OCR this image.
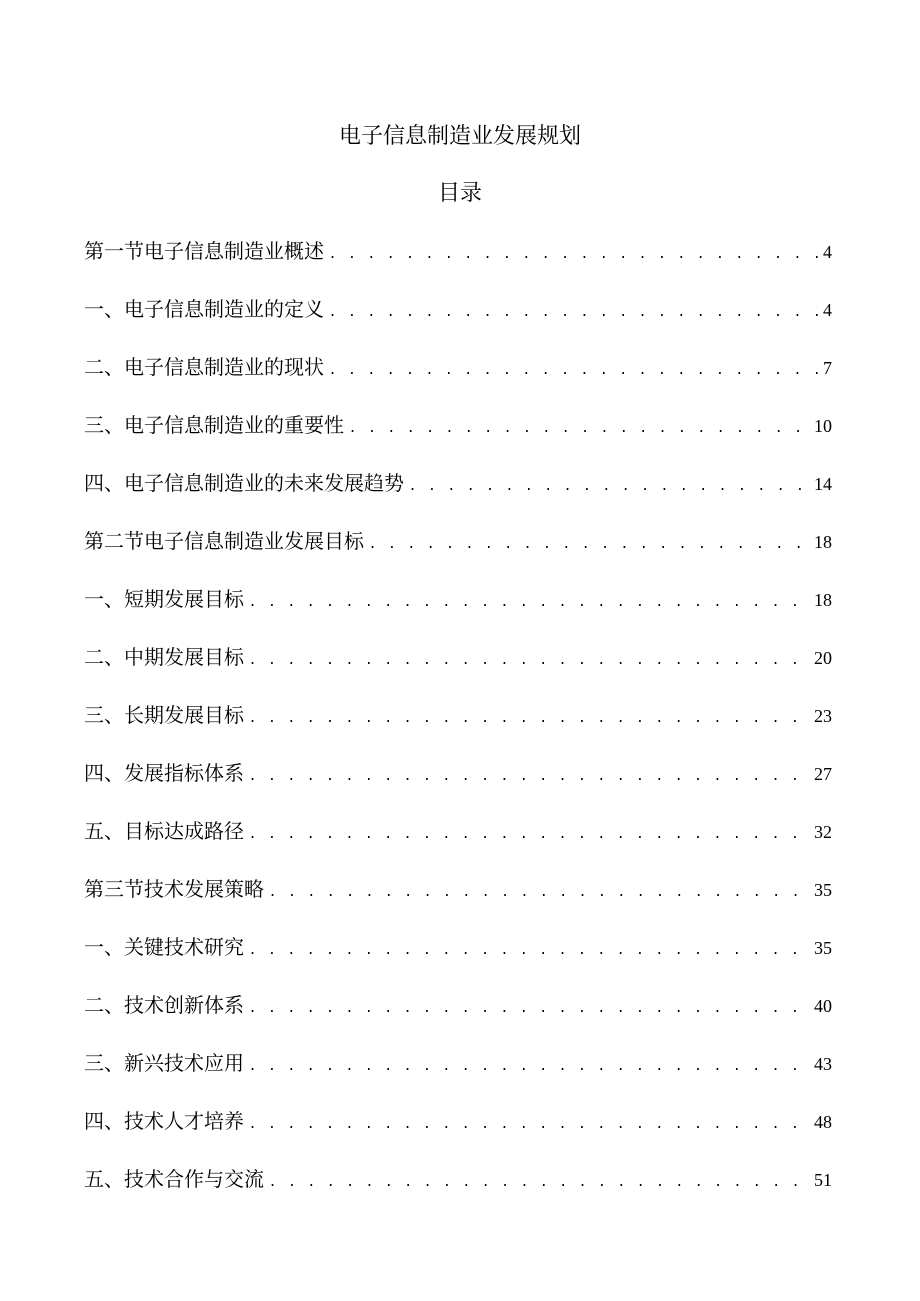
电子信息制造业发展规划
目录
第一节电子信息制造业概述 . . .	4
一、电子信息制造业的定义 . . .	4
二、电子信息制造业的现状 . . .	7
三、电子信息制造业的重要性 . . .	10
四、电子信息制造业的未来发展趋势 . . .	14
第二节电子信息制造业发展目标 . . .	18
一、短期发展目标 . . .	18
二、中期发展目标 . . .	20
三、长期发展目标 . . .	23
四、发展指标体系 . . .	27
五、目标达成路径 . . .	32
第三节技术发展策略 . . .	35
一、关键技术研究 . . .	35
二、技术创新体系 . . .	40
三、新兴技术应用 . . .	43
四、技术人才培养 . . .	48
五、技术合作与交流 . . .	51
